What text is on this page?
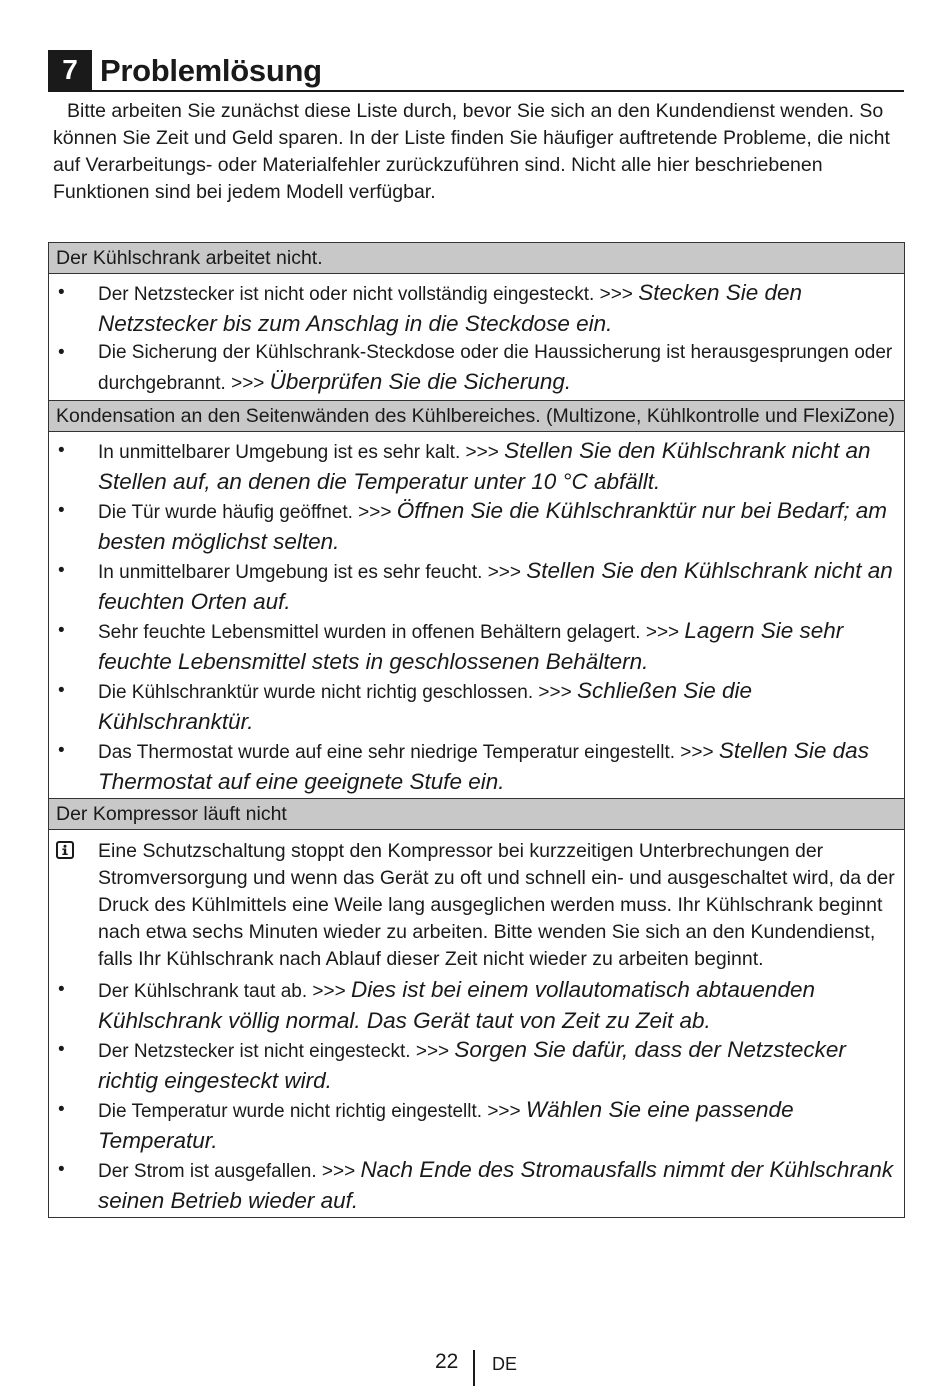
7 Problemlösung
Bitte arbeiten Sie zunächst diese Liste durch, bevor Sie sich an den Kundendienst wenden. So können Sie Zeit und Geld sparen. In der Liste finden Sie häufiger auftretende Probleme, die nicht auf Verarbeitungs- oder Materialfehler zurückzuführen sind. Nicht alle hier beschriebenen Funktionen sind bei jedem Modell verfügbar.
Der Kühlschrank arbeitet nicht.
•	Der Netzstecker ist nicht oder nicht vollständig eingesteckt. >>> Stecken Sie den Netzstecker bis zum Anschlag in die Steckdose ein.
•	Die Sicherung der Kühlschrank-Steckdose oder die Haussicherung ist herausgesprungen oder durchgebrannt. >>> Überprüfen Sie die Sicherung.
Kondensation an den Seitenwänden des Kühlbereiches. (Multizone, Kühlkontrolle und FlexiZone)
•	In unmittelbarer Umgebung ist es sehr kalt. >>> Stellen Sie den Kühlschrank nicht an Stellen auf, an denen die Temperatur unter 10 °C abfällt.
•	Die Tür wurde häufig geöffnet. >>> Öffnen Sie die Kühlschranktür nur bei Bedarf; am besten möglichst selten.
•	In unmittelbarer Umgebung ist es sehr feucht. >>> Stellen Sie den Kühlschrank nicht an feuchten Orten auf.
•	Sehr feuchte Lebensmittel wurden in offenen Behältern gelagert. >>> Lagern Sie sehr feuchte Lebensmittel stets in geschlossenen Behältern.
•	Die Kühlschranktür wurde nicht richtig geschlossen. >>> Schließen Sie die Kühlschranktür.
•	Das Thermostat wurde auf eine sehr niedrige Temperatur eingestellt. >>> Stellen Sie das Thermostat auf eine geeignete Stufe ein.
Der Kompressor läuft nicht
Eine Schutzschaltung stoppt den Kompressor bei kurzzeitigen Unterbrechungen der Stromversorgung und wenn das Gerät zu oft und schnell ein- und ausgeschaltet wird, da der Druck des Kühlmittels eine Weile lang ausgeglichen werden muss. Ihr Kühlschrank beginnt nach etwa sechs Minuten wieder zu arbeiten. Bitte wenden Sie sich an den Kundendienst, falls Ihr Kühlschrank nach Ablauf dieser Zeit nicht wieder zu arbeiten beginnt.
•	Der Kühlschrank taut ab. >>> Dies ist bei einem vollautomatisch abtauenden Kühlschrank völlig normal. Das Gerät taut von Zeit zu Zeit ab.
•	Der Netzstecker ist nicht eingesteckt. >>> Sorgen Sie dafür, dass der Netzstecker richtig eingesteckt wird.
•	Die Temperatur wurde nicht richtig eingestellt. >>> Wählen Sie eine passende Temperatur.
•	Der Strom ist ausgefallen. >>> Nach Ende des Stromausfalls nimmt der Kühlschrank seinen Betrieb wieder auf.
22 DE
